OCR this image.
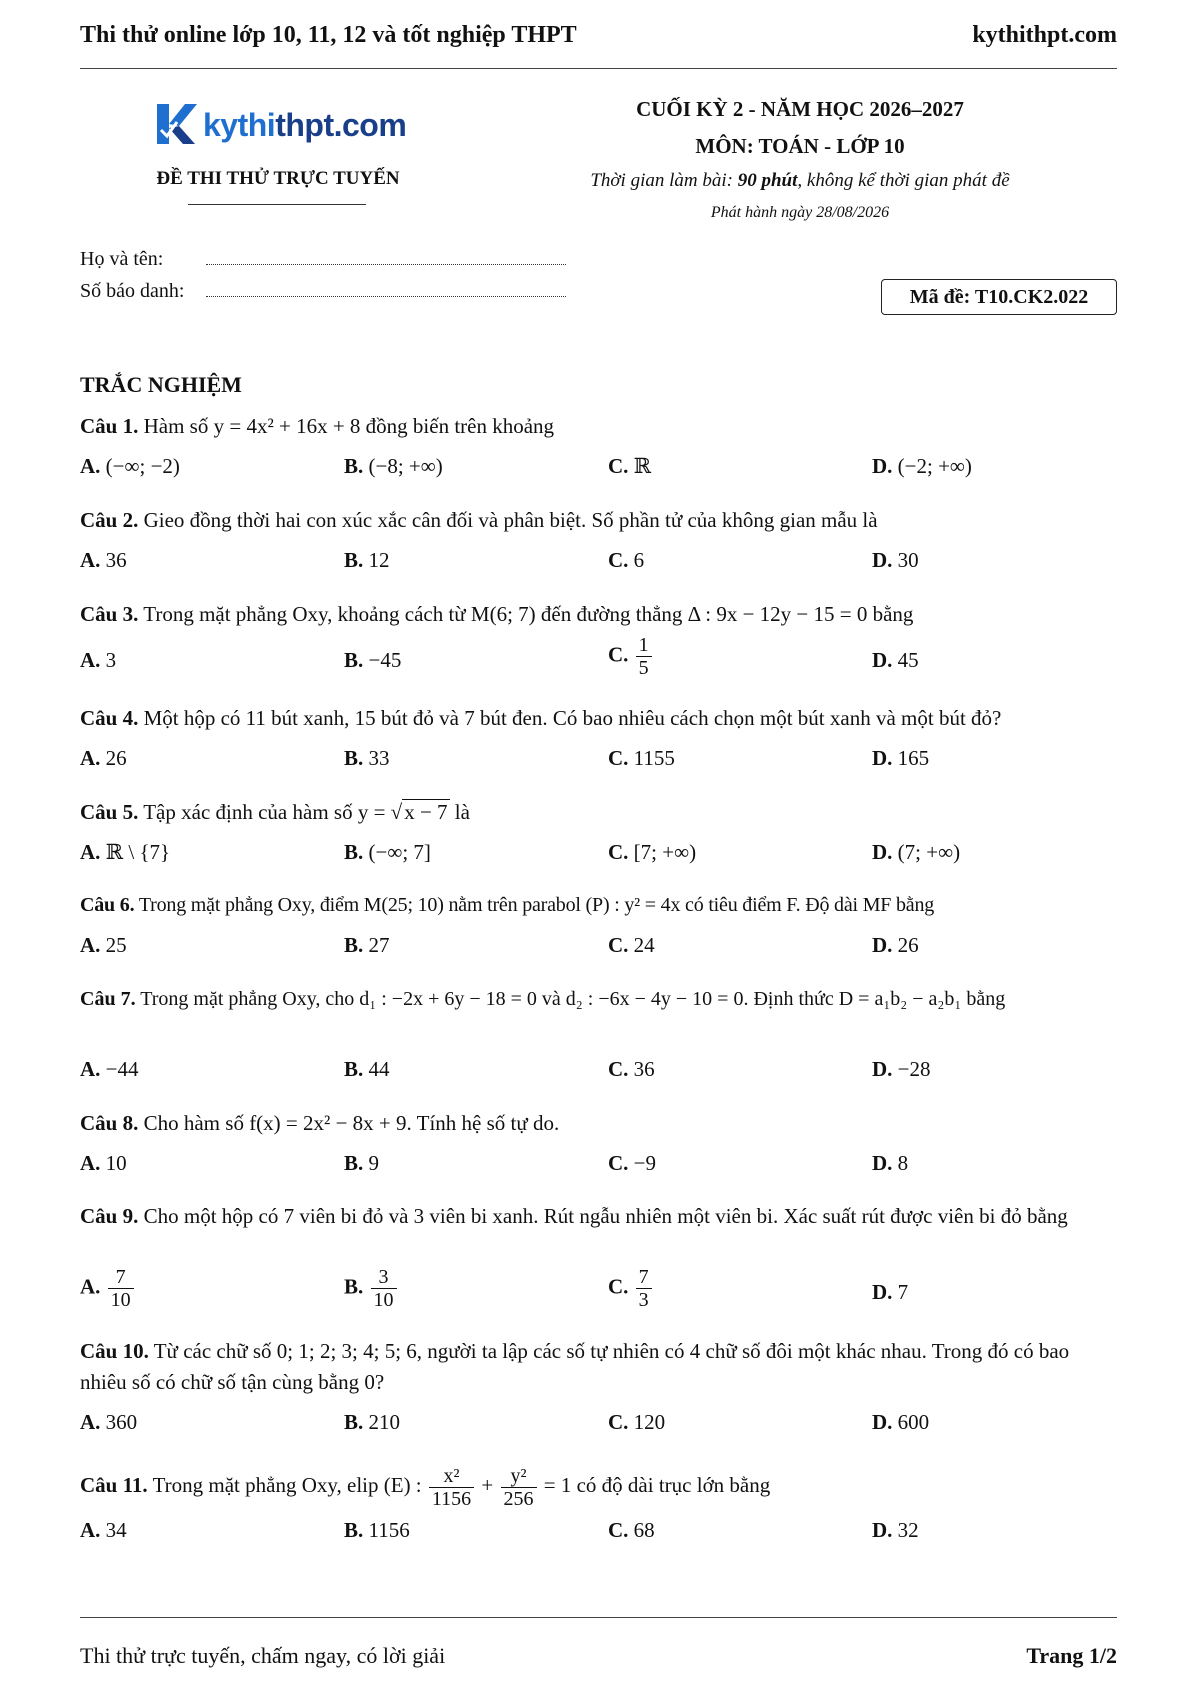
Thi thử online lớp 10, 11, 12 và tốt nghiệp THPT	kythithpt.com
kythithpt.com
ĐỀ THI THỬ TRỰC TUYẾN
CUỐI KỲ 2 - NĂM HỌC 2026–2027
MÔN: TOÁN - LỚP 10
Thời gian làm bài: 90 phút, không kể thời gian phát đề
Phát hành ngày 28/08/2026
Họ và tên:
Số báo danh:	Mã đề: T10.CK2.022
TRẮC NGHIỆM
Câu 1. Hàm số y = 4x² + 16x + 8 đồng biến trên khoảng
A. (−∞; −2)	B. (−8; +∞)	C. ℝ	D. (−2; +∞)
Câu 2. Gieo đồng thời hai con xúc xắc cân đối và phân biệt. Số phần tử của không gian mẫu là
A. 36	B. 12	C. 6	D. 30
Câu 3. Trong mặt phẳng Oxy, khoảng cách từ M(6; 7) đến đường thẳng Δ : 9x − 12y − 15 = 0 bằng
A. 3	B. −45	C. $\frac{1}{5}$	D. 45
Câu 4. Một hộp có 11 bút xanh, 15 bút đỏ và 7 bút đen. Có bao nhiêu cách chọn một bút xanh và một bút đỏ?
A. 26	B. 33	C. 1155	D. 165
Câu 5. Tập xác định của hàm số y = √x − 7 là
A. ℝ \ {7}	B. (−∞; 7]	C. [7; +∞)	D. (7; +∞)
Câu 6. Trong mặt phẳng Oxy, điểm M(25; 10) nằm trên parabol (P) : y² = 4x có tiêu điểm F. Độ dài MF bằng
A. 25	B. 27	C. 24	D. 26
Câu 7. Trong mặt phẳng Oxy, cho d₁ : −2x + 6y − 18 = 0 và d₂ : −6x − 4y − 10 = 0. Định thức D = a₁b₂ − a₂b₁ bằng
A. −44	B. 44	C. 36	D. −28
Câu 8. Cho hàm số f(x) = 2x² − 8x + 9. Tính hệ số tự do.
A. 10	B. 9	C. −9	D. 8
Câu 9. Cho một hộp có 7 viên bi đỏ và 3 viên bi xanh. Rút ngẫu nhiên một viên bi. Xác suất rút được viên bi đỏ bằng
A. $\frac{7}{10}$	B. $\frac{3}{10}$	C. $\frac{7}{3}$	D. 7
Câu 10. Từ các chữ số 0; 1; 2; 3; 4; 5; 6, người ta lập các số tự nhiên có 4 chữ số đôi một khác nhau. Trong đó có bao nhiêu số có chữ số tận cùng bằng 0?
A. 360	B. 210	C. 120	D. 600
Câu 11. Trong mặt phẳng Oxy, elip (E) : $\frac{\text{x²}}{1156} + \frac{\text{y²}}{256} = 1$ có độ dài trục lớn bằng
A. 34	B. 1156	C. 68	D. 32
Thi thử trực tuyến, chấm ngay, có lời giải	Trang 1/2
